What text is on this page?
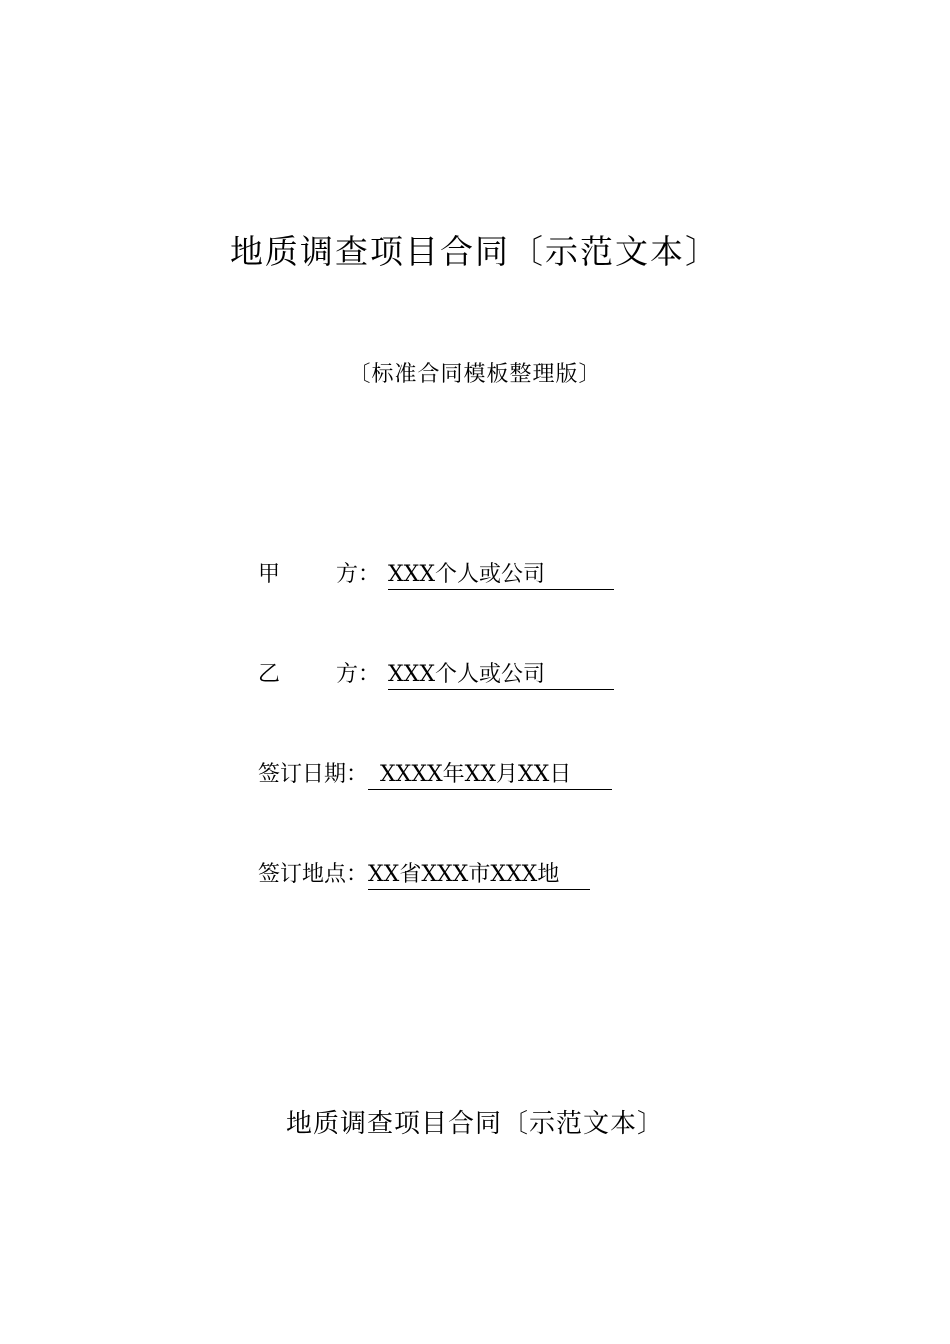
地质调查项目合同〔示范文本〕
〔标准合同模板整理版〕
甲	方： XXX个人或公司
乙	方： XXX个人或公司
签订日期： XXXX年XX月XX日
签订地点： XX省XXX市XXX地
地质调查项目合同〔示范文本〕
